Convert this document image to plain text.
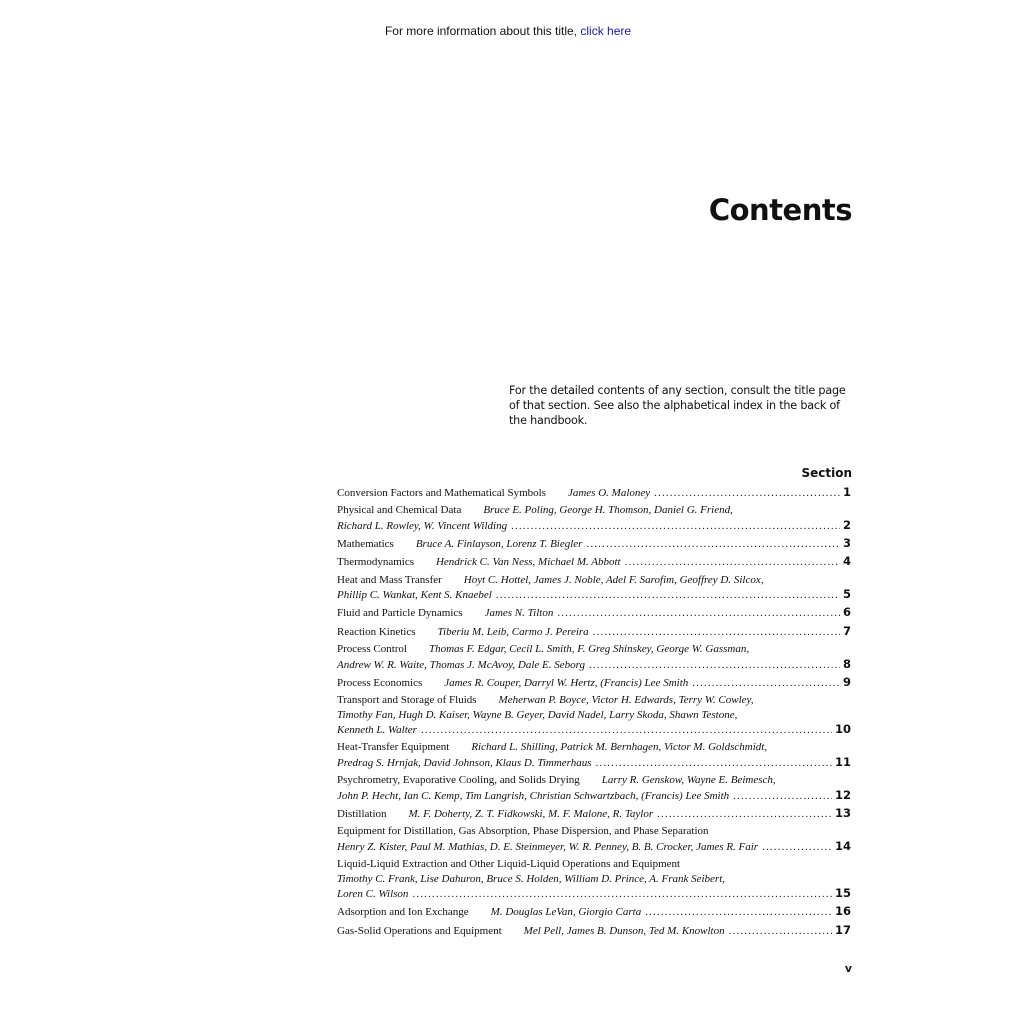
For more information about this title, click here
Contents
For the detailed contents of any section, consult the title page of that section. See also the alphabetical index in the back of the handbook.
Section
Conversion Factors and Mathematical Symbols James O. Maloney . . .	1
Physical and Chemical Data Bruce E. Poling, George H. Thomson, Daniel G. Friend,
Richard L. Rowley, W. Vincent Wilding . . .	2
Mathematics Bruce A. Finlayson, Lorenz T. Biegler . . .	3
Thermodynamics Hendrick C. Van Ness, Michael M. Abbott . . .	4
Heat and Mass Transfer Hoyt C. Hottel, James J. Noble, Adel F. Sarofim, Geoffrey D. Silcox,
Phillip C. Wankat, Kent S. Knaebel . . .	5
Fluid and Particle Dynamics James N. Tilton . . .	6
Reaction Kinetics Tiberiu M. Leib, Carmo J. Pereira . . .	7
Process Control Thomas F. Edgar, Cecil L. Smith, F. Greg Shinskey, George W. Gassman,
Andrew W. R. Waite, Thomas J. McAvoy, Dale E. Seborg . . .	8
Process Economics James R. Couper, Darryl W. Hertz, (Francis) Lee Smith . . .	9
Transport and Storage of Fluids Meherwan P. Boyce, Victor H. Edwards, Terry W. Cowley,
Timothy Fan, Hugh D. Kaiser, Wayne B. Geyer, David Nadel, Larry Skoda, Shawn Testone,
Kenneth L. Walter . . .	10
Heat-Transfer Equipment Richard L. Shilling, Patrick M. Bernhagen, Victor M. Goldschmidt,
Predrag S. Hrnjak, David Johnson, Klaus D. Timmerhaus . . .	11
Psychrometry, Evaporative Cooling, and Solids Drying Larry R. Genskow, Wayne E. Beimesch,
John P. Hecht, Ian C. Kemp, Tim Langrish, Christian Schwartzbach, (Francis) Lee Smith . . .	12
Distillation M. F. Doherty, Z. T. Fidkowski, M. F. Malone, R. Taylor . . .	13
Equipment for Distillation, Gas Absorption, Phase Dispersion, and Phase Separation
Henry Z. Kister, Paul M. Mathias, D. E. Steinmeyer, W. R. Penney, B. B. Crocker, James R. Fair . . .	14
Liquid-Liquid Extraction and Other Liquid-Liquid Operations and Equipment
Timothy C. Frank, Lise Dahuron, Bruce S. Holden, William D. Prince, A. Frank Seibert,
Loren C. Wilson . . .	15
Adsorption and Ion Exchange M. Douglas LeVan, Giorgio Carta . . .	16
Gas-Solid Operations and Equipment Mel Pell, James B. Dunson, Ted M. Knowlton . . .	17
v
